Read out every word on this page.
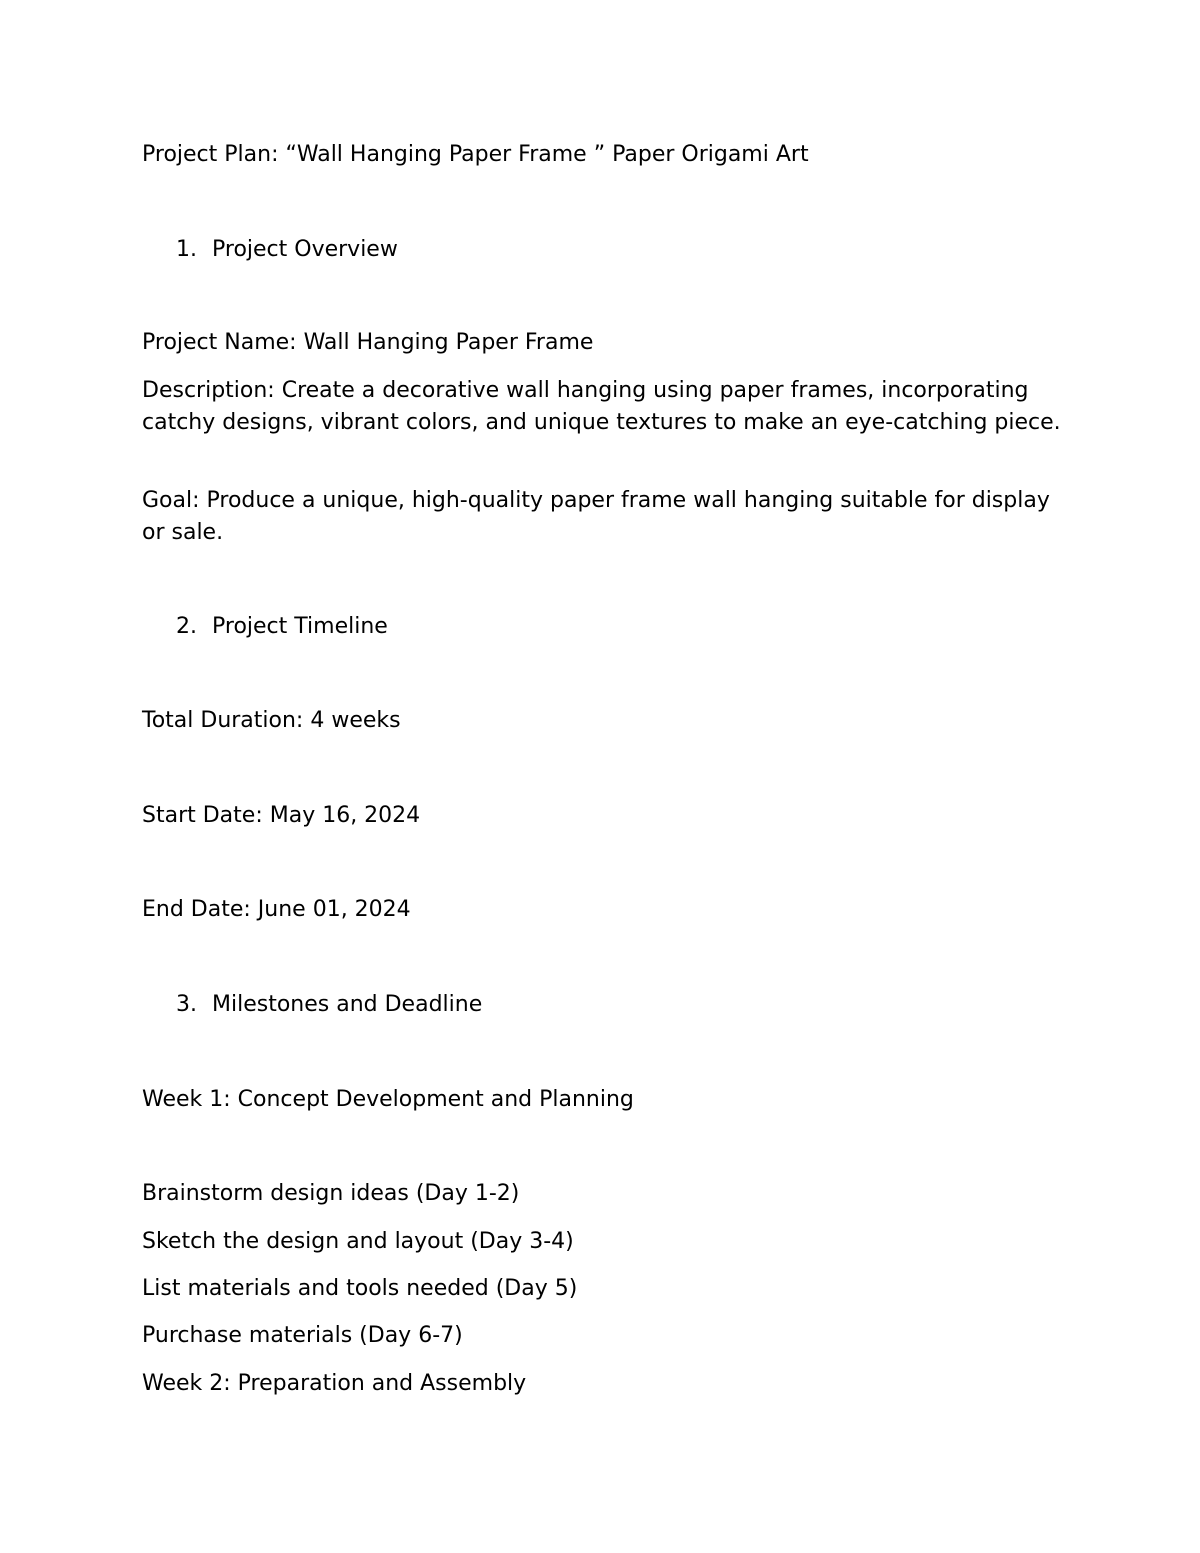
Project Plan: “Wall Hanging Paper Frame ” Paper Origami Art

1. Project Overview

Project Name: Wall Hanging Paper Frame

Description: Create a decorative wall hanging using paper frames, incorporating catchy designs, vibrant colors, and unique textures to make an eye-catching piece.

Goal: Produce a unique, high-quality paper frame wall hanging suitable for display or sale.

2. Project Timeline

Total Duration: 4 weeks

Start Date: May 16, 2024

End Date: June 01, 2024

3. Milestones and Deadline

Week 1: Concept Development and Planning

Brainstorm design ideas (Day 1-2)

Sketch the design and layout (Day 3-4)

List materials and tools needed (Day 5)

Purchase materials (Day 6-7)

Week 2: Preparation and Assembly
